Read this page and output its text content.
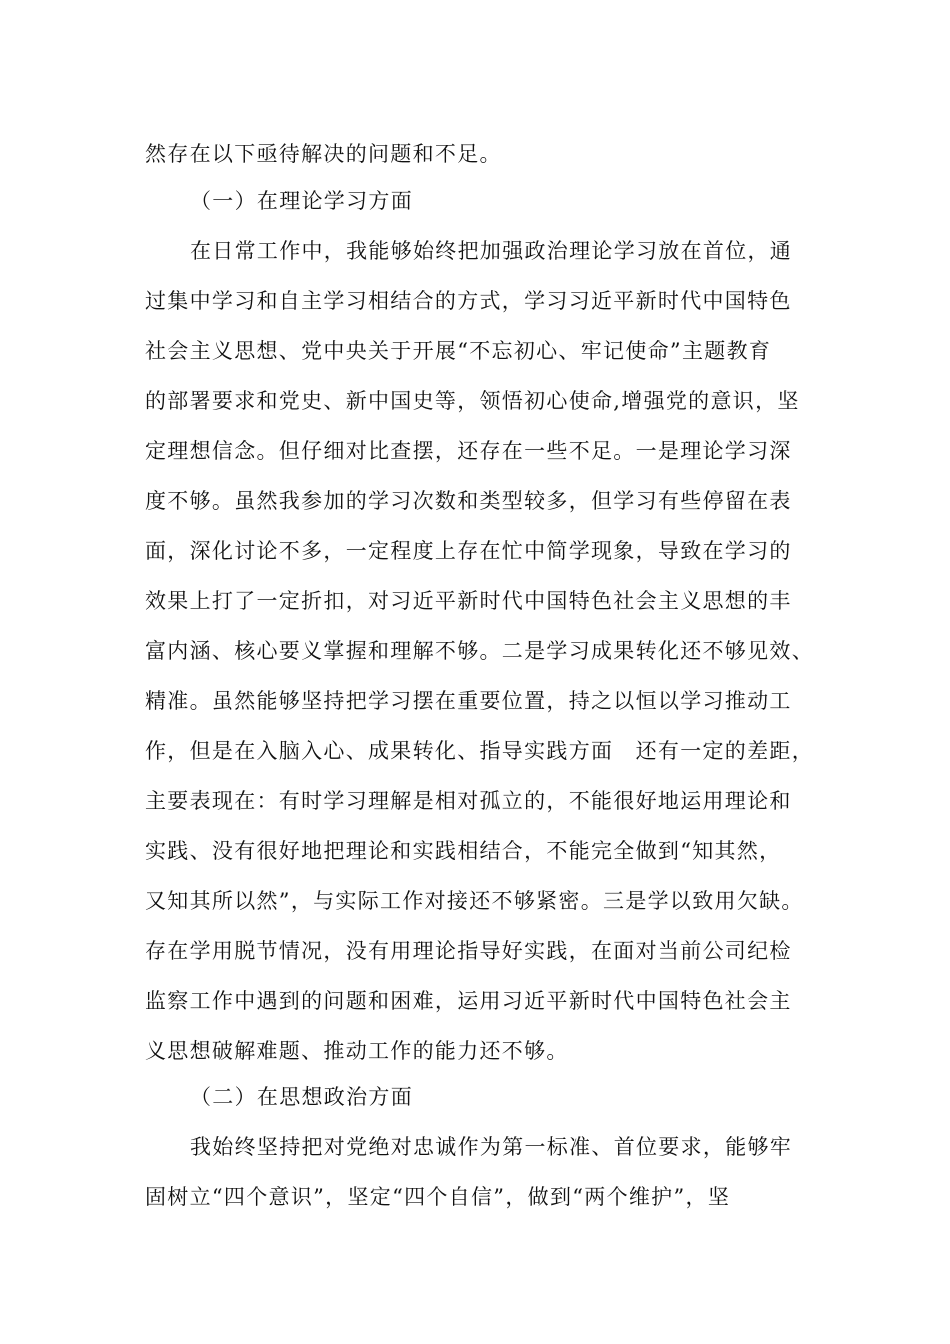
然存在以下亟待解决的问题和不足。
（一）在理论学习方面
在日常工作中，我能够始终把加强政治理论学习放在首位，通
过集中学习和自主学习相结合的方式，学习习近平新时代中国特色
社会主义思想、党中央关于开展“不忘初心、牢记使命”主题教育
的部署要求和党史、新中国史等，领悟初心使命,增强党的意识，坚
定理想信念。但仔细对比查摆，还存在一些不足。一是理论学习深
度不够。虽然我参加的学习次数和类型较多，但学习有些停留在表
面，深化讨论不多，一定程度上存在忙中简学现象，导致在学习的
效果上打了一定折扣，对习近平新时代中国特色社会主义思想的丰
富内涵、核心要义掌握和理解不够。二是学习成果转化还不够见效、
精准。虽然能够坚持把学习摆在重要位置，持之以恒以学习推动工
作，但是在入脑入心、成果转化、指导实践方面　还有一定的差距，
主要表现在：有时学习理解是相对孤立的，不能很好地运用理论和
实践、没有很好地把理论和实践相结合，不能完全做到“知其然，
又知其所以然”，与实际工作对接还不够紧密。三是学以致用欠缺。
存在学用脱节情况，没有用理论指导好实践，在面对当前公司纪检
监察工作中遇到的问题和困难，运用习近平新时代中国特色社会主
义思想破解难题、推动工作的能力还不够。
（二）在思想政治方面
我始终坚持把对党绝对忠诚作为第一标准、首位要求，能够牢
固树立“四个意识”，坚定“四个自信”，做到“两个维护”，坚
